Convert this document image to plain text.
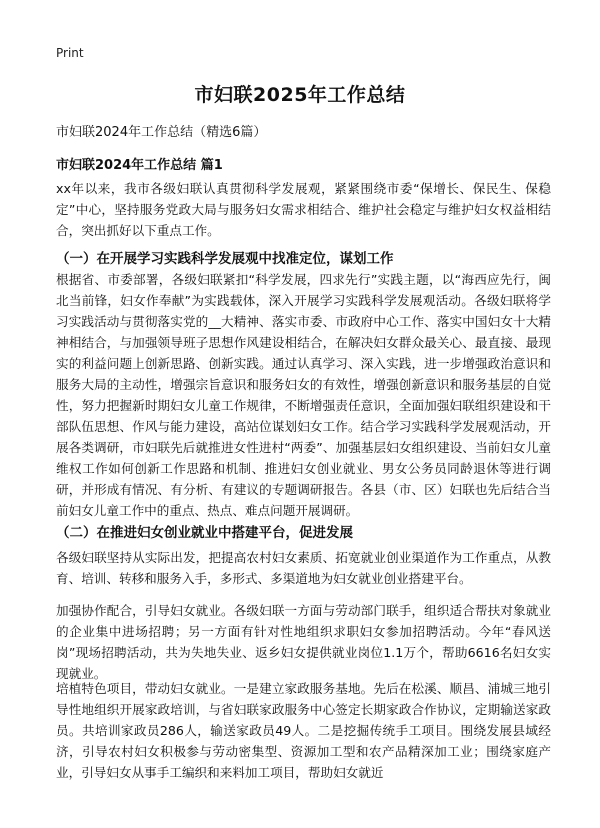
Print
市妇联2025年工作总结
市妇联2024年工作总结（精选6篇）
市妇联2024年工作总结 篇1

xx年以来，我市各级妇联认真贯彻科学发展观，紧紧围绕市委“保增长、保民生、保稳定”中心，坚持服务党政大局与服务妇女需求相结合、维护社会稳定与维护妇女权益相结合，突出抓好以下重点工作。

（一）在开展学习实践科学发展观中找准定位，谋划工作

根据省、市委部署，各级妇联紧扣“科学发展，四求先行”实践主题，以“海西应先行，闽北当前锋，妇女作奉献”为实践载体，深入开展学习实践科学发展观活动。各级妇联将学习实践活动与贯彻落实党的__大精神、落实市委、市政府中心工作、落实中国妇女十大精神相结合，与加强领导班子思想作风建设相结合，在解决妇女群众最关心、最直接、最现实的利益问题上创新思路、创新实践。通过认真学习、深入实践，进一步增强政治意识和服务大局的主动性，增强宗旨意识和服务妇女的有效性，增强创新意识和服务基层的自觉性，努力把握新时期妇女儿童工作规律，不断增强责任意识，全面加强妇联组织建设和干部队伍思想、作风与能力建设，高站位谋划妇女工作。结合学习实践科学发展观活动，开展各类调研，市妇联先后就推进女性进村“两委”、加强基层妇女组织建设、当前妇女儿童维权工作如何创新工作思路和机制、推进妇女创业就业、男女公务员同龄退休等进行调研，并形成有情况、有分析、有建议的专题调研报告。各县（市、区）妇联也先后结合当前妇女儿童工作中的重点、热点、难点问题开展调研。

（二）在推进妇女创业就业中搭建平台，促进发展

各级妇联坚持从实际出发，把提高农村妇女素质、拓宽就业创业渠道作为工作重点，从教育、培训、转移和服务入手，多形式、多渠道地为妇女就业创业搭建平台。

加强协作配合，引导妇女就业。各级妇联一方面与劳动部门联手，组织适合帮扶对象就业的企业集中进场招聘；另一方面有针对性地组织求职妇女参加招聘活动。今年“春风送岗”现场招聘活动，共为失地失业、返乡妇女提供就业岗位1.1万个，帮助6616名妇女实现就业。

培植特色项目，带动妇女就业。一是建立家政服务基地。先后在松溪、顺昌、浦城三地引导性地组织开展家政培训，与省妇联家政服务中心签定长期家政合作协议，定期输送家政员。共培训家政员286人，输送家政员49人。二是挖掘传统手工项目。围绕发展县域经济，引导农村妇女积极参与劳动密集型、资源加工型和农产品精深加工业；围绕家庭产业，引导妇女从事手工编织和来料加工项目，帮助妇女就近
